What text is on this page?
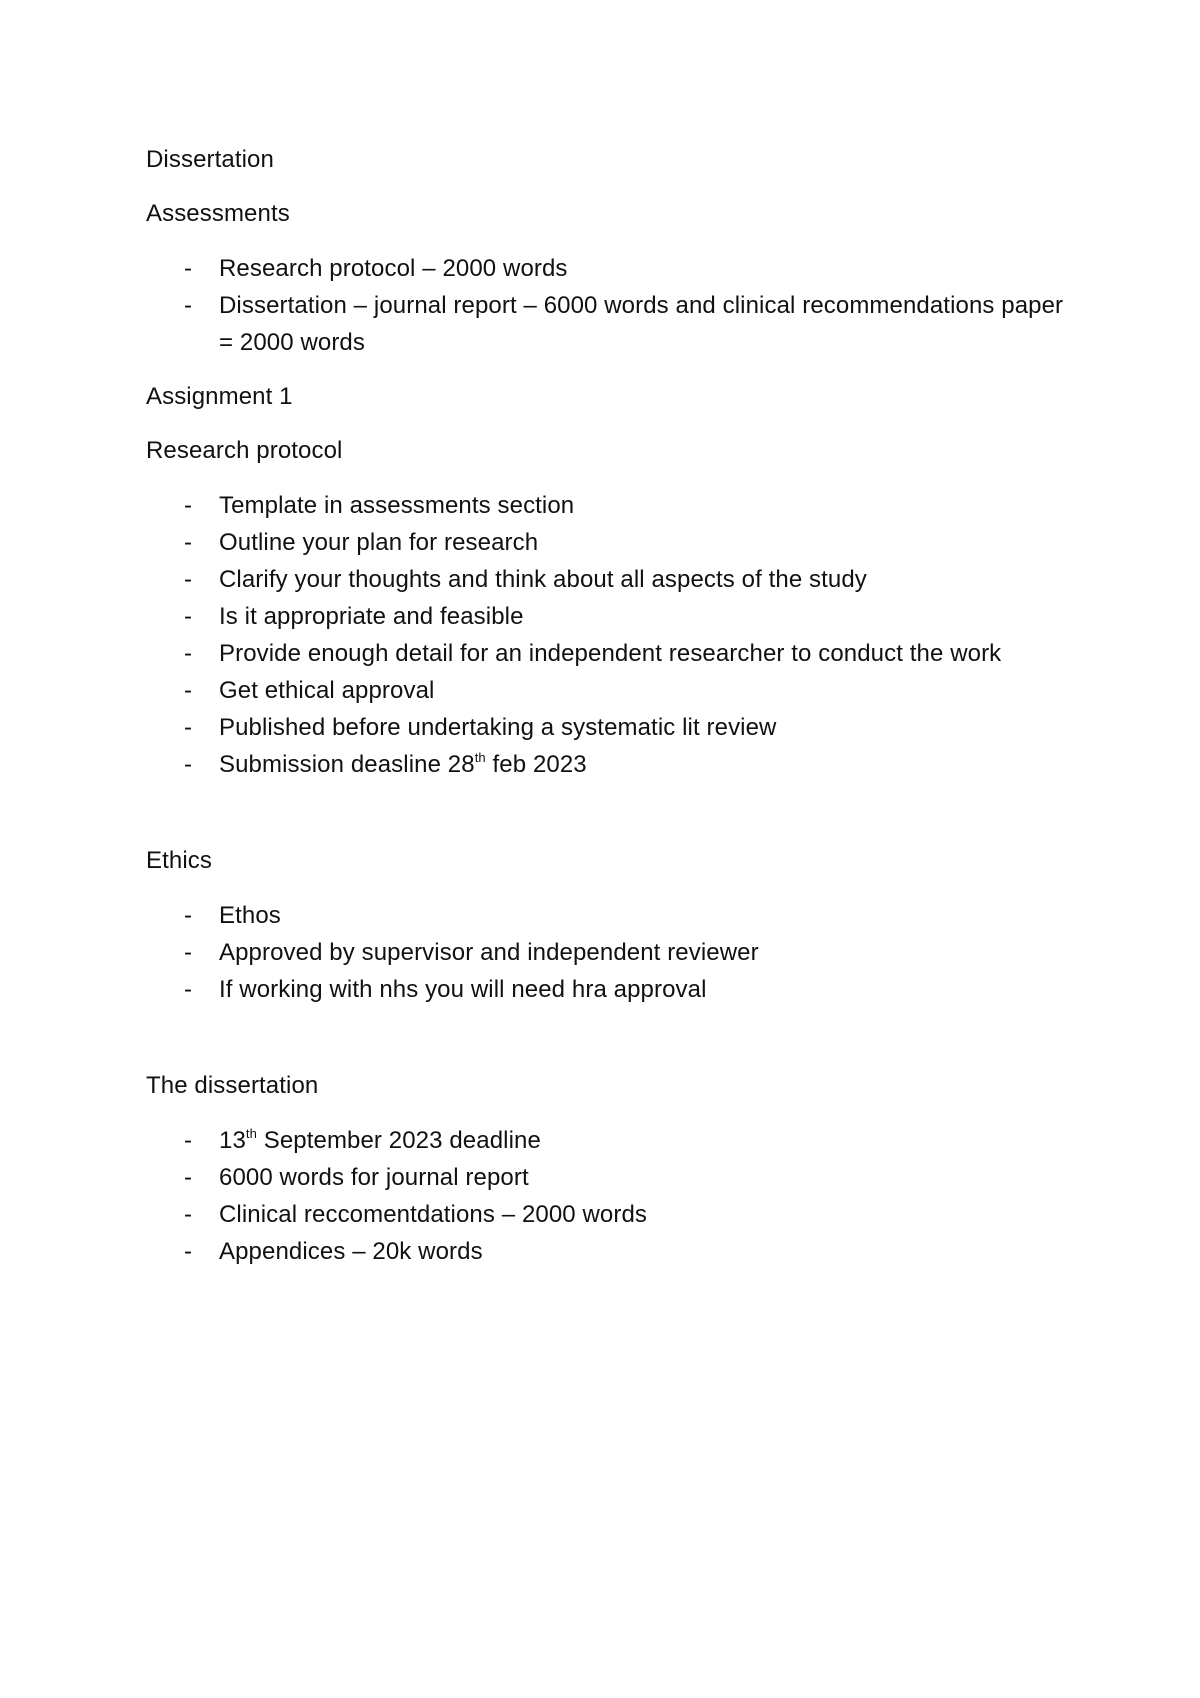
Dissertation

Assessments

-	Research protocol – 2000 words
-	Dissertation – journal report – 6000 words and clinical recommendations paper = 2000 words

Assignment 1

Research protocol

-	Template in assessments section
-	Outline your plan for research
-	Clarify your thoughts and think about all aspects of the study
-	Is it appropriate and feasible
-	Provide enough detail for an independent researcher to conduct the work
-	Get ethical approval
-	Published before undertaking a systematic lit review
-	Submission deasline 28th feb 2023

Ethics

-	Ethos
-	Approved by supervisor and independent reviewer
-	If working with nhs you will need hra approval

The dissertation

-	13th September 2023 deadline
-	6000 words for journal report
-	Clinical reccomentdations – 2000 words
-	Appendices – 20k words
